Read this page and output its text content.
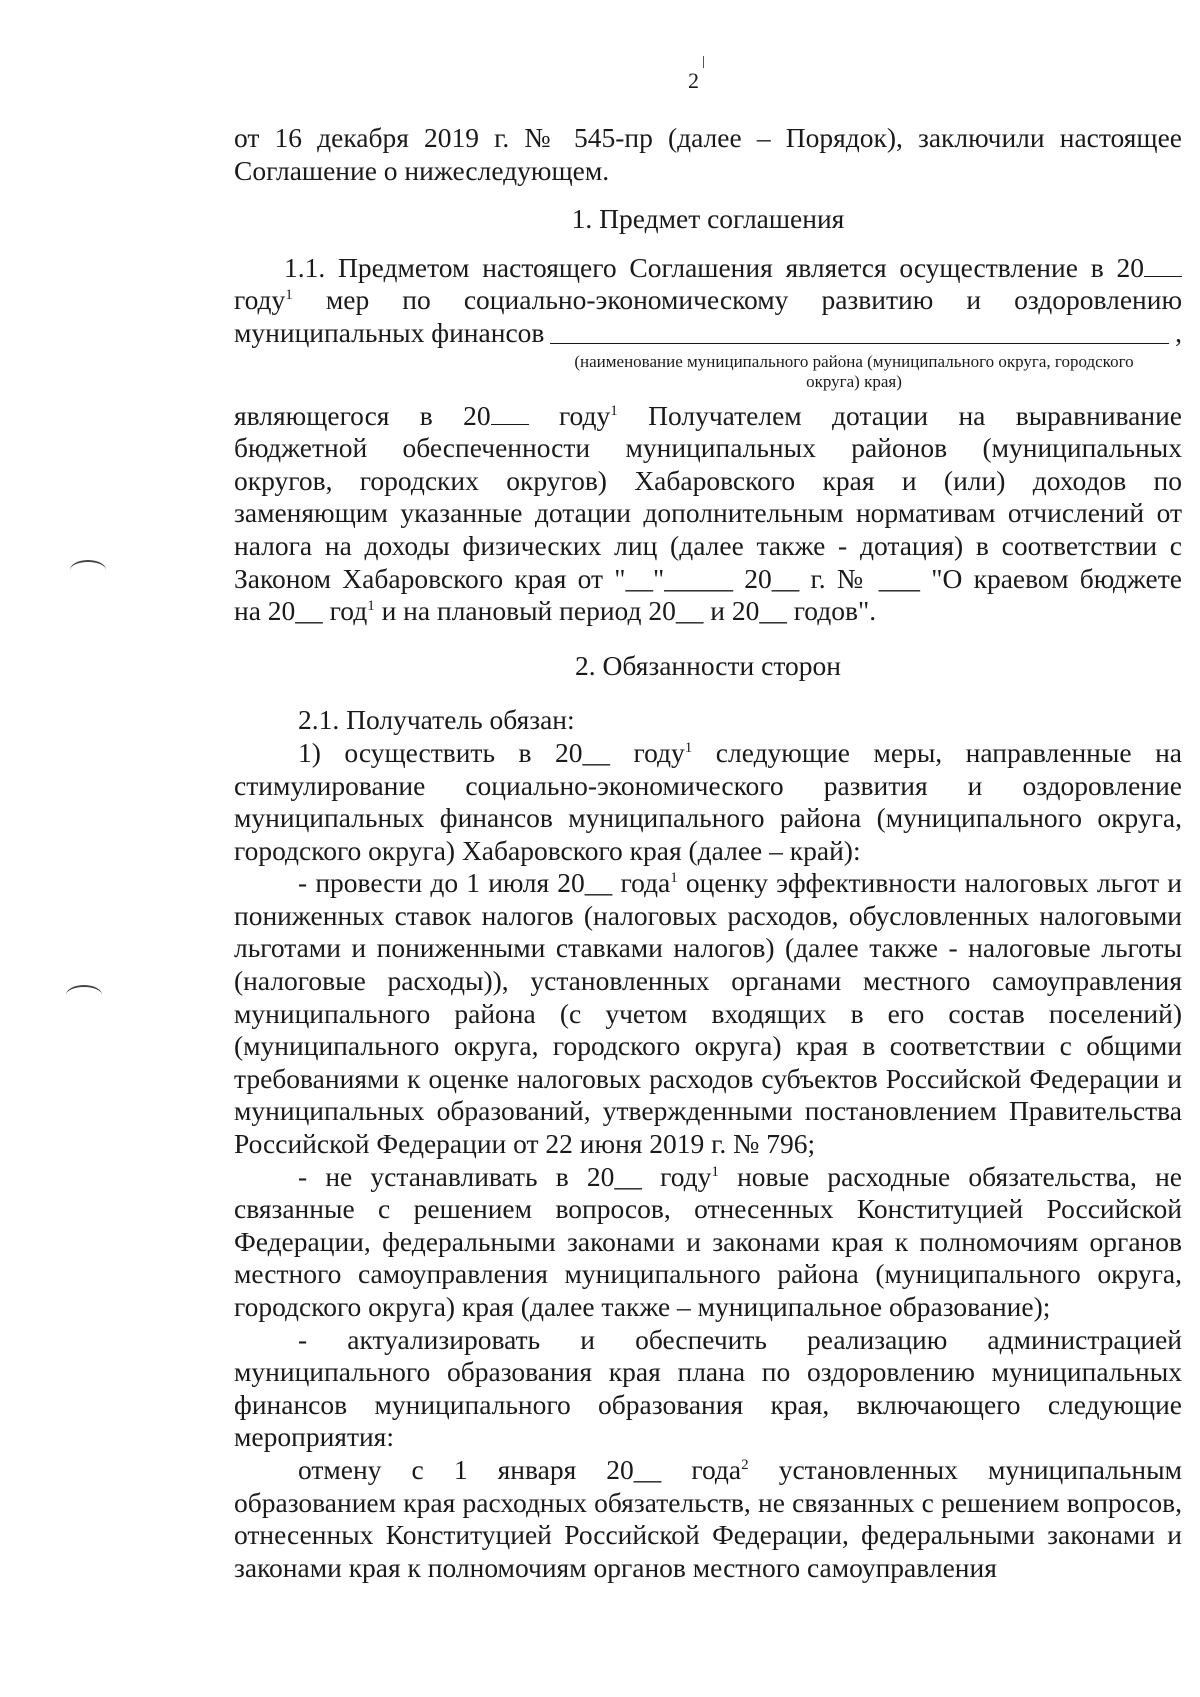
2

от 16 декабря 2019 г. № 545-пр (далее – Порядок), заключили настоящее

Соглашение о нижеследующем.

1. Предмет соглашения

1.1. Предметом настоящего Соглашения является осуществление в 20

году$^1$ мер по социально-экономическому развитию и оздоровлению

муниципальных финансов	,

(наименование муниципального района (муниципального округа, городского округа) края)

являющегося в 20 году$^1$ Получателем дотации на выравнивание

бюджетной обеспеченности муниципальных районов (муниципальных

округов, городских округов) Хабаровского края и (или) доходов по

заменяющим указанные дотации дополнительным нормативам отчислений от

налога на доходы физических лиц (далее также - дотация) в соответствии с

Законом Хабаровского края от "__"_____ 20__ г. № ___ "О краевом бюджете

на 20__ год$^1$ и на плановый период 20__ и 20__ годов".

2. Обязанности сторон

2.1. Получатель обязан:

1) осуществить в 20__ году$^1$ следующие меры, направленные на стимулирование социально-экономического развития и оздоровление муниципальных финансов муниципального района (муниципального округа, городского округа) Хабаровского края (далее – край):

- провести до 1 июля 20__ года$^1$ оценку эффективности налоговых льгот и пониженных ставок налогов (налоговых расходов, обусловленных налоговыми льготами и пониженными ставками налогов) (далее также - налоговые льготы (налоговые расходы)), установленных органами местного самоуправления муниципального района (с учетом входящих в его состав поселений) (муниципального округа, городского округа) края в соответствии с общими требованиями к оценке налоговых расходов субъектов Российской Федерации и муниципальных образований, утвержденными постановлением Правительства Российской Федерации от 22 июня 2019 г. № 796;

- не устанавливать в 20__ году$^1$ новые расходные обязательства, не связанные с решением вопросов, отнесенных Конституцией Российской Федерации, федеральными законами и законами края к полномочиям органов местного самоуправления муниципального района (муниципального округа, городского округа) края (далее также – муниципальное образование);

- актуализировать и обеспечить реализацию администрацией муниципального образования края плана по оздоровлению муниципальных финансов муниципального образования края, включающего следующие мероприятия:

отмену с 1 января 20__ года$^2$ установленных муниципальным образованием края расходных обязательств, не связанных с решением вопросов, отнесенных Конституцией Российской Федерации, федеральными законами и законами края к полномочиям органов местного самоуправления
